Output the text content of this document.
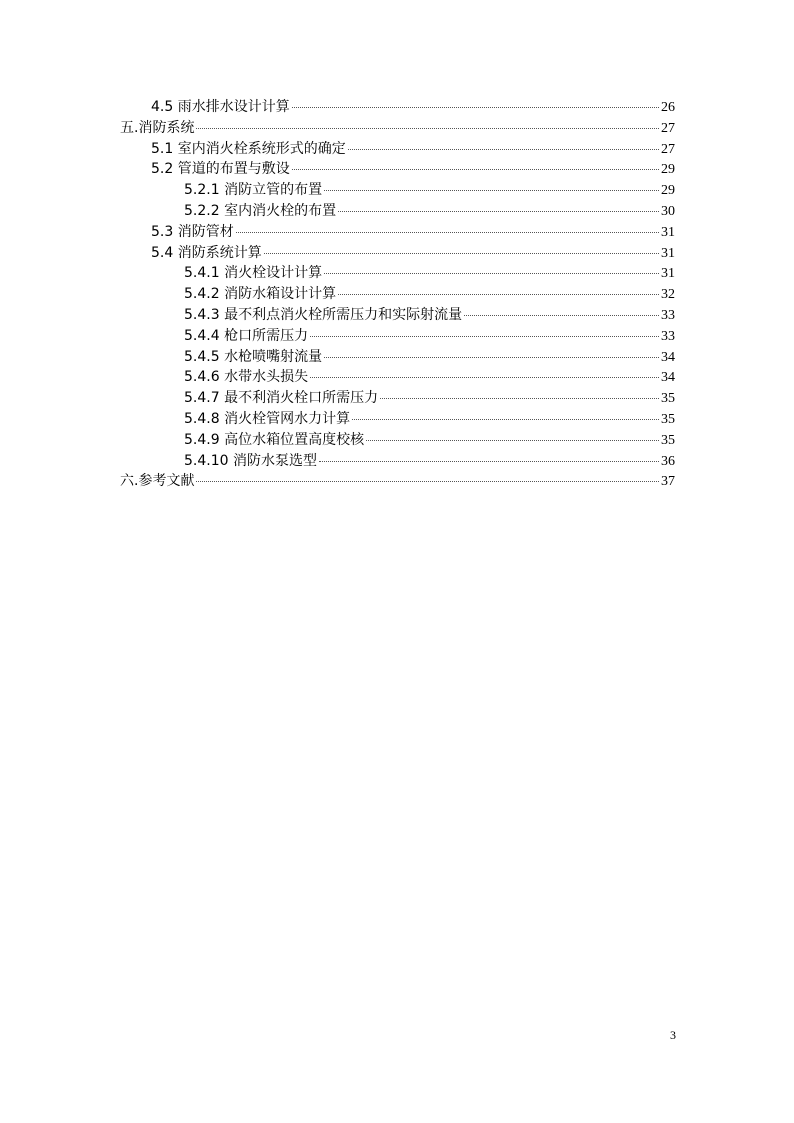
4.5 雨水排水设计计算	26
五.消防系统	27
5.1 室内消火栓系统形式的确定	27
5.2 管道的布置与敷设	29
5.2.1 消防立管的布置	29
5.2.2 室内消火栓的布置	30
5.3 消防管材	31
5.4 消防系统计算	31
5.4.1 消火栓设计计算	31
5.4.2 消防水箱设计计算	32
5.4.3 最不利点消火栓所需压力和实际射流量	33
5.4.4 枪口所需压力	33
5.4.5 水枪喷嘴射流量	34
5.4.6 水带水头损失	34
5.4.7 最不利消火栓口所需压力	35
5.4.8 消火栓管网水力计算	35
5.4.9 高位水箱位置高度校核	35
5.4.10 消防水泵选型	36
六.参考文献	37
3
